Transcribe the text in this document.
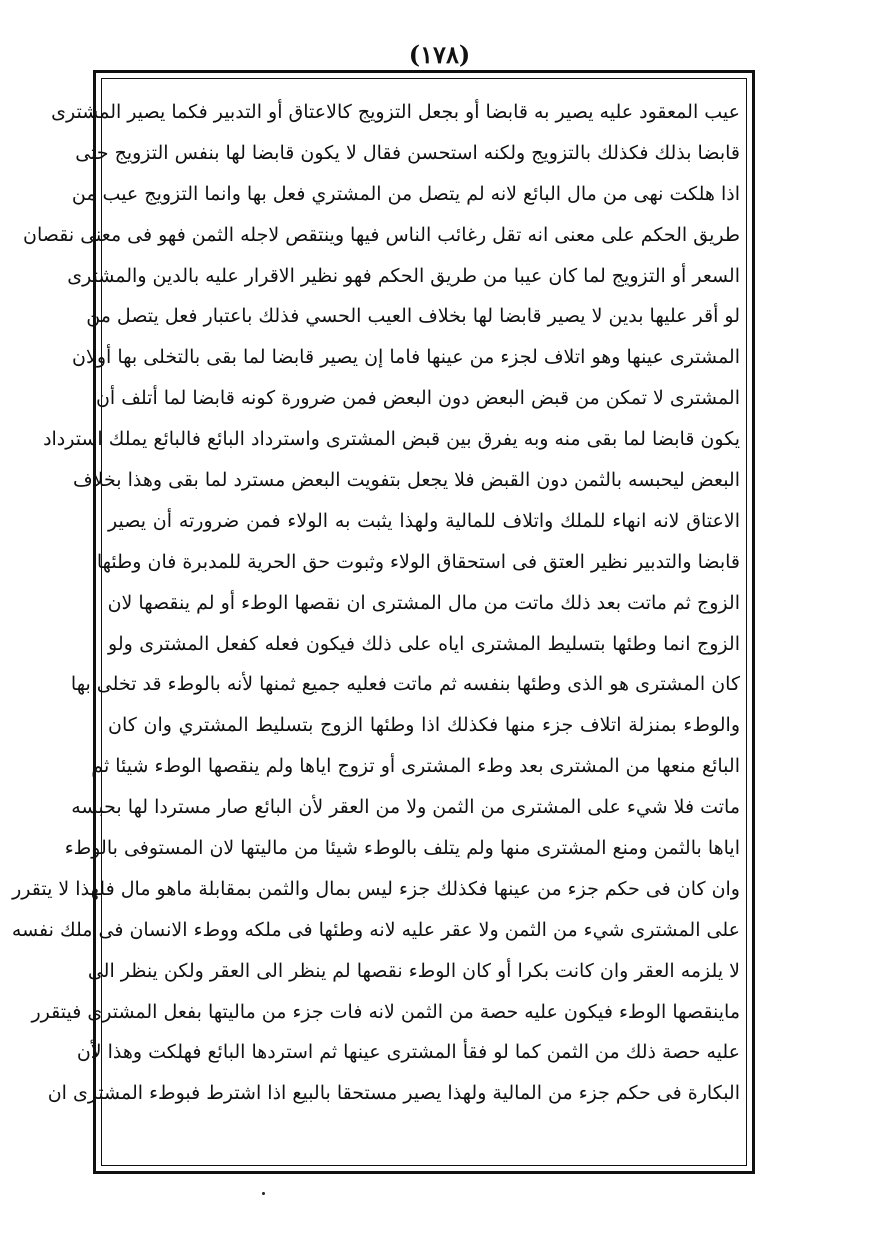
(١٧٨)
عيب المعقود عليه يصير به قابضا أو بجعل التزويج كالاعتاق أو التدبير فكما يصير المشترى
قابضا بذلك فكذلك بالتزويج ولكنه استحسن فقال لا يكون قابضا لها بنفس التزويج حتى
اذا هلكت نهى من مال البائع لانه لم يتصل من المشتري فعل بها وانما التزويج عيب من
طريق الحكم على معنى انه تقل رغائب الناس فيها وينتقص لاجله الثمن فهو فى معنى نقصان
السعر أو التزويج لما كان عيبا من طريق الحكم فهو نظير الاقرار عليه بالدين والمشترى
لو أقر عليها بدين لا يصير قابضا لها بخلاف العيب الحسي فذلك باعتبار فعل يتصل من
المشترى عينها وهو اتلاف لجزء من عينها فاما إن يصير قابضا لما بقى بالتخلى بها أولان
المشترى لا تمكن من قبض البعض دون البعض فمن ضرورة كونه قابضا لما أتلف أن
يكون قابضا لما بقى منه وبه يفرق بين قبض المشترى واسترداد البائع فالبائع يملك استرداد
البعض ليحبسه بالثمن دون القبض فلا يجعل بتفويت البعض مسترد لما بقى وهذا بخلاف
الاعتاق لانه انهاء للملك واتلاف للمالية ولهذا يثبت به الولاء فمن ضرورته أن يصير
قابضا والتدبير نظير العتق فى استحقاق الولاء وثبوت حق الحرية للمدبرة فان وطئها
الزوج ثم ماتت بعد ذلك ماتت من مال المشترى ان نقصها الوطء أو لم ينقصها لان
الزوج انما وطئها بتسليط المشترى اياه على ذلك فيكون فعله كفعل المشترى ولو
كان المشترى هو الذى وطئها بنفسه ثم ماتت فعليه جميع ثمنها لأنه بالوطء قد تخلى بها
والوطء بمنزلة اتلاف جزء منها فكذلك اذا وطئها الزوج بتسليط المشتري وان كان
البائع منعها من المشترى بعد وطء المشترى أو تزوج اياها ولم ينقصها الوطء شيئا ثم
ماتت فلا شيء على المشترى من الثمن ولا من العقر لأن البائع صار مستردا لها بحبسه
اياها بالثمن ومنع المشترى منها ولم يتلف بالوطء شيئا من ماليتها لان المستوفى بالوطء
وان كان فى حكم جزء من عينها فكذلك جزء ليس بمال والثمن بمقابلة ماهو مال فلهذا لا يتقرر
على المشترى شيء من الثمن ولا عقر عليه لانه وطئها فى ملكه ووطء الانسان فى ملك نفسه
لا يلزمه العقر وان كانت بكرا أو كان الوطء نقصها لم ينظر الى العقر ولكن ينظر الى
ماينقصها الوطء فيكون عليه حصة من الثمن لانه فات جزء من ماليتها بفعل المشترى فيتقرر
عليه حصة ذلك من الثمن كما لو فقأ المشترى عينها ثم استردها البائع فهلكت وهذا لأن
البكارة فى حكم جزء من المالية ولهذا يصير مستحقا بالبيع اذا اشترط فبوطء المشترى ان
